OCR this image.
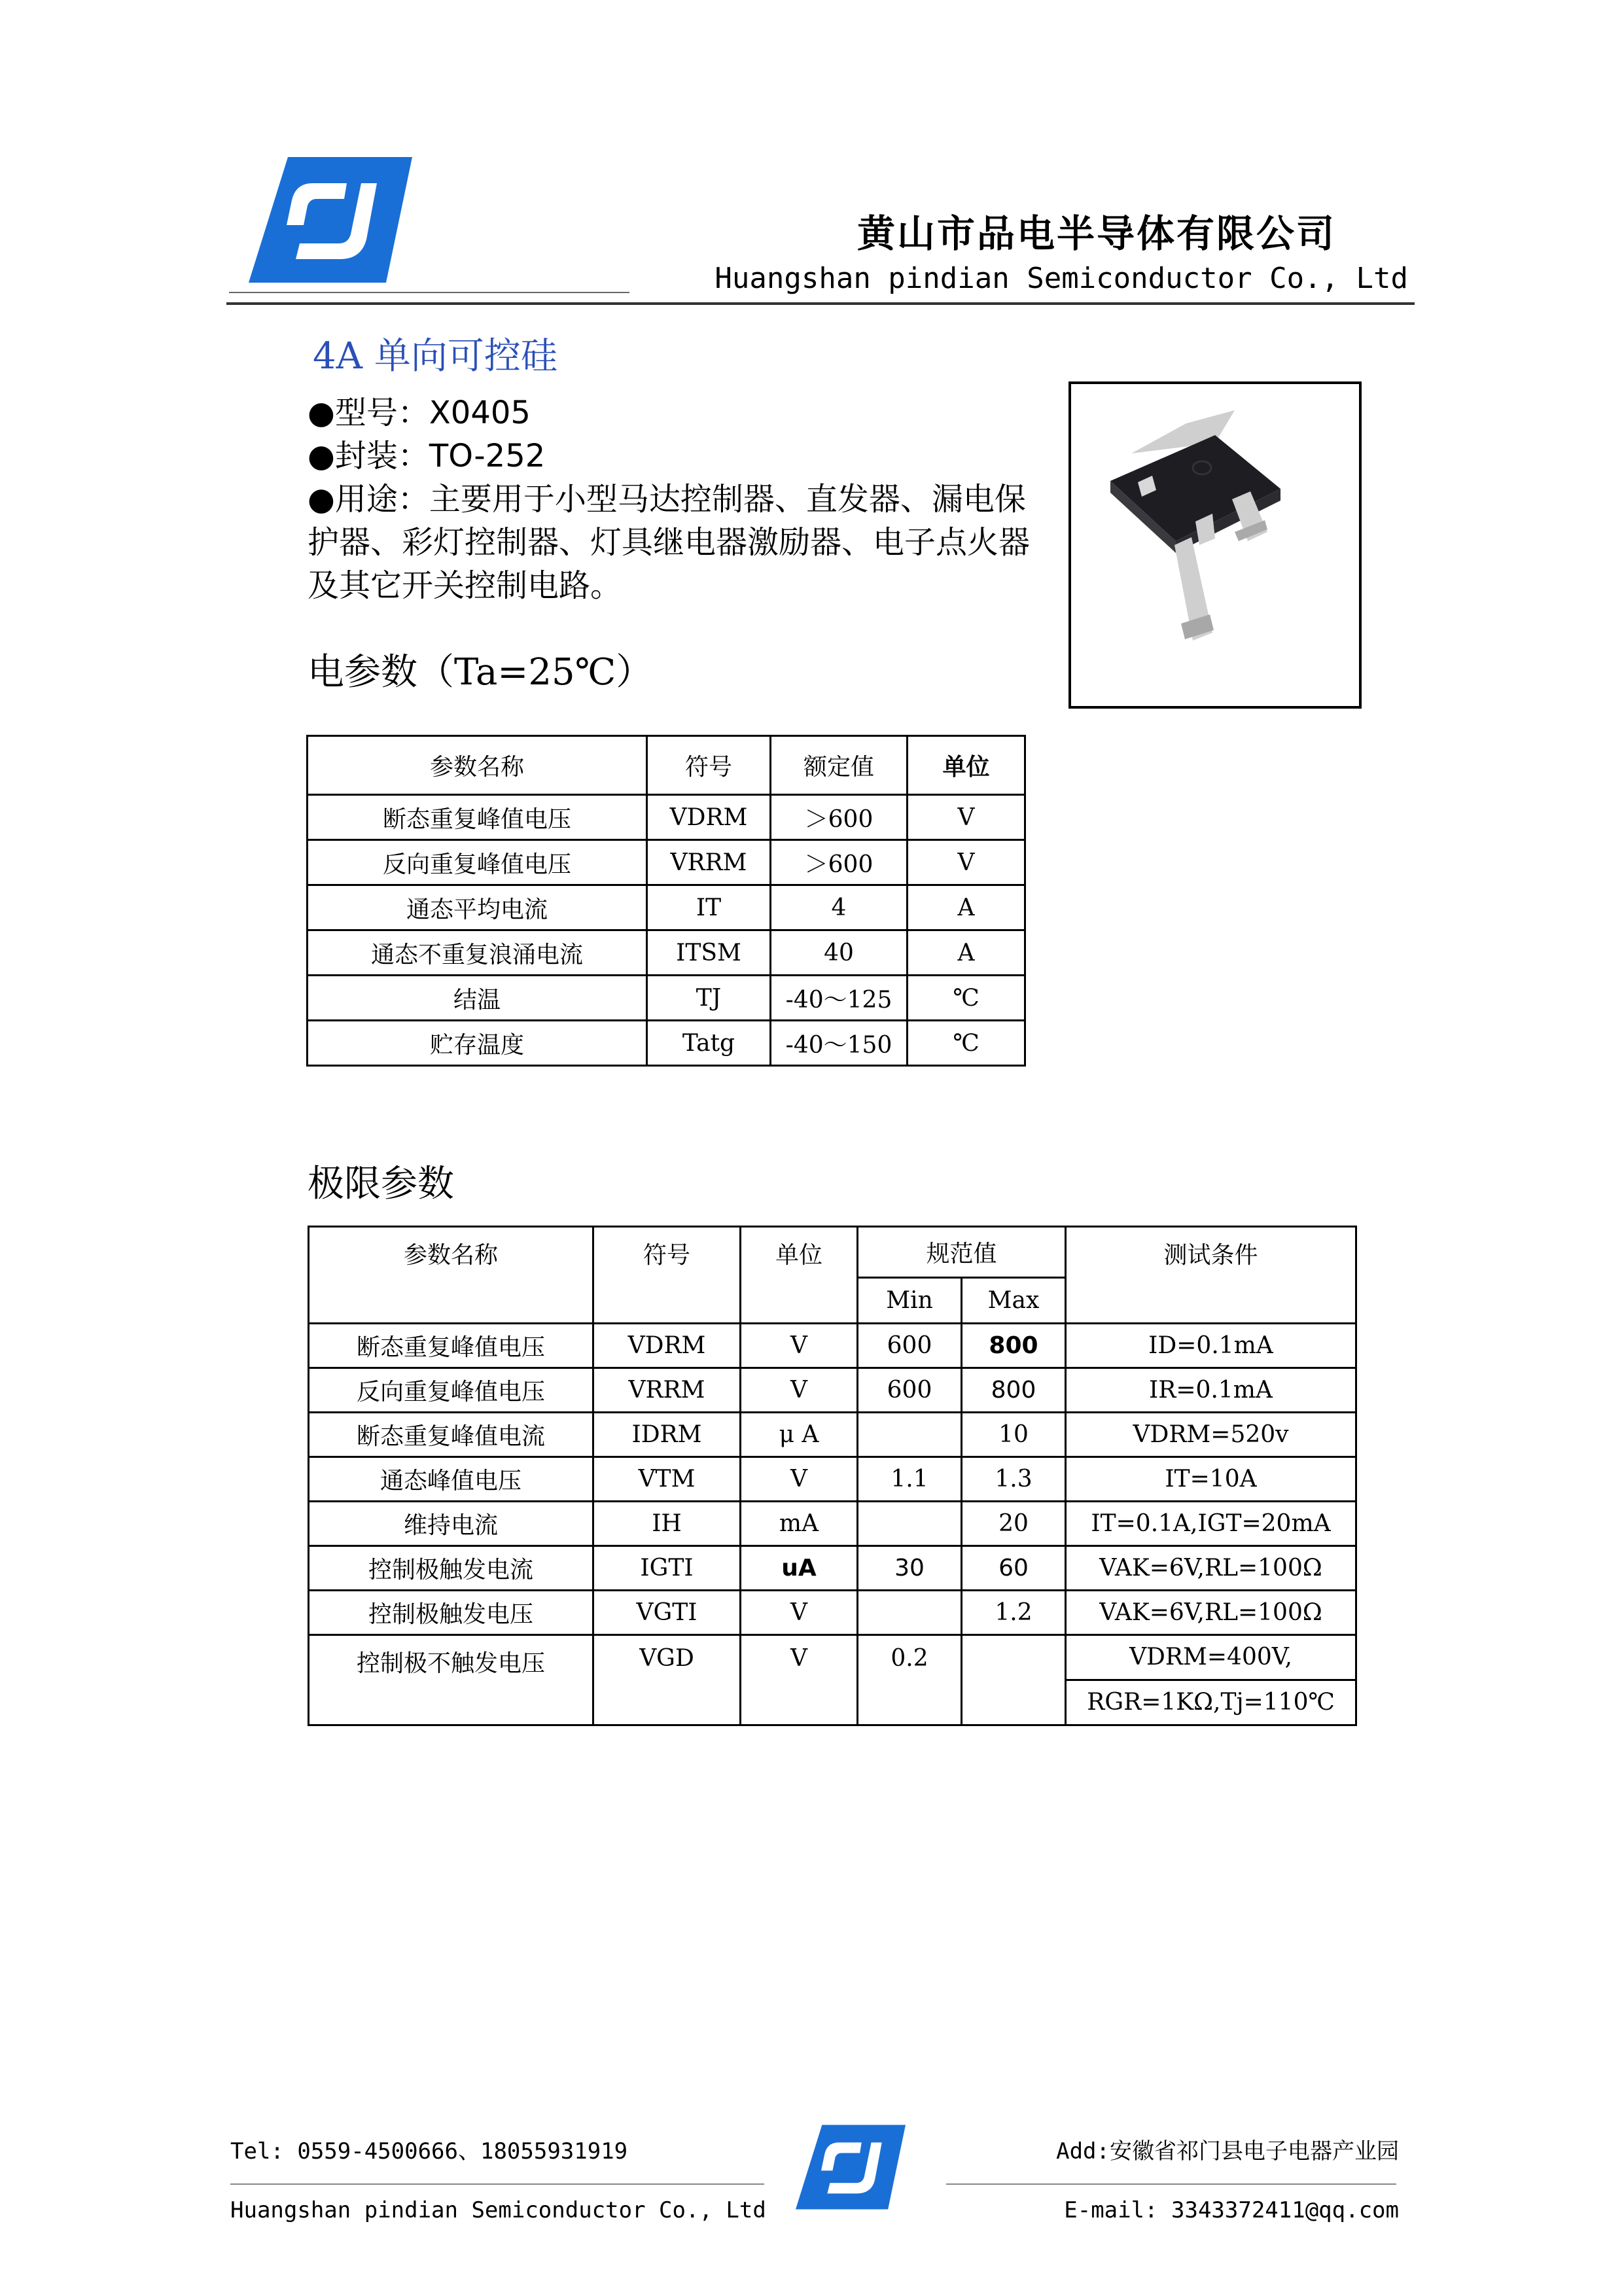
黄山市品电半导体有限公司
Huangshan pindian Semiconductor Co., Ltd
4A 单向可控硅
●型号：X0405
●封装：TO-252
●用途：主要用于小型马达控制器、直发器、漏电保护器、彩灯控制器、灯具继电器激励器、电子点火器及其它开关控制电路。
电参数（Ta=25℃）
参数名称	符号	额定值	单位
断态重复峰值电压	VDRM	＞600	V
反向重复峰值电压	VRRM	＞600	V
通态平均电流	IT	4	A
通态不重复浪涌电流	ITSM	40	A
结温	TJ	-40～125	℃
贮存温度	Tatg	-40～150	℃
极限参数
参数名称	符号	单位	规范值		测试条件
			Min	Max	
断态重复峰值电压	VDRM	V	600	800	ID=0.1mA
反向重复峰值电压	VRRM	V	600	800	IR=0.1mA
断态重复峰值电流	IDRM	μ A		10	VDRM=520v
通态峰值电压	VTM	V	1.1	1.3	IT=10A
维持电流	IH	mA		20	IT=0.1A,IGT=20mA
控制极触发电流	IGTI	uA	30	60	VAK=6V,RL=100Ω
控制极触发电压	VGTI	V		1.2	VAK=6V,RL=100Ω
控制极不触发电压	VGD	V	0.2		VDRM=400V,
RGR=1KΩ,Tj=110℃
Tel: 0559-4500666、18055931919	Add:安徽省祁门县电子电器产业园
Huangshan pindian Semiconductor Co., Ltd	E-mail: 3343372411@qq.com
